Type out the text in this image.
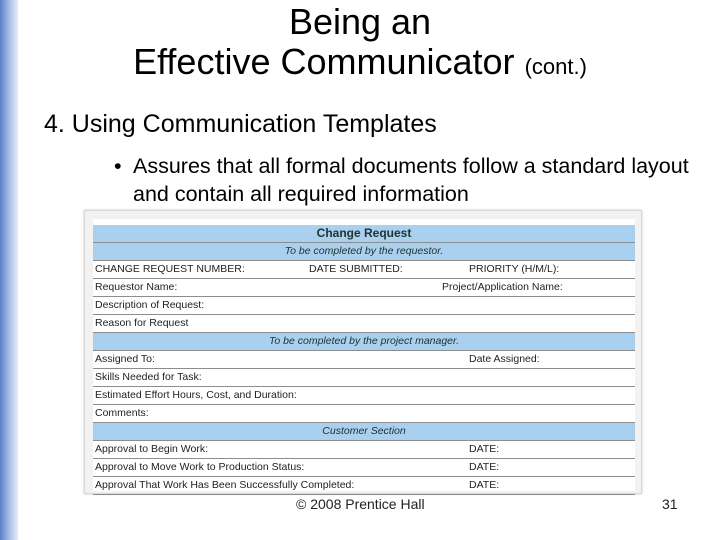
Being an
Effective Communicator (cont.)
4. Using Communication Templates
• Assures that all formal documents follow a standard layout and contain all required information
Change Request
To be completed by the requestor.
CHANGE REQUEST NUMBER:	DATE SUBMITTED:	PRIORITY (H/M/L):
Requestor Name:	Project/Application Name:
Description of Request:
Reason for Request
To be completed by the project manager.
Assigned To:	Date Assigned:
Skills Needed for Task:
Estimated Effort Hours, Cost, and Duration:
Comments:
Customer Section
Approval to Begin Work:	DATE:
Approval to Move Work to Production Status:	DATE:
Approval That Work Has Been Successfully Completed:	DATE:
© 2008 Prentice Hall	31
